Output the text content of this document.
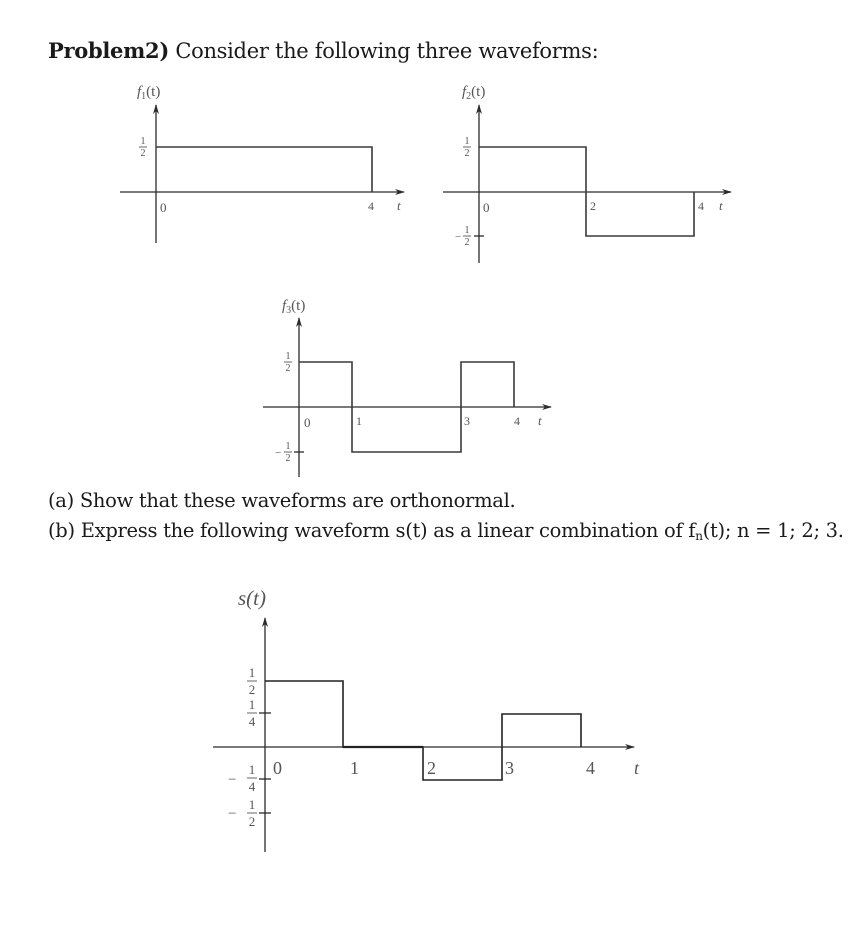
Problem2) Consider the following three waveforms:
(a) Show that these waveforms are orthonormal.
(b) Express the following waveform s(t) as a linear combination of $f_n(t)$; n = 1; 2; 3.
$f_1(t)$
1
2
0	4 t
$f_2(t)$
1
2
−
1
2
0	2	4 t
$f_3(t)$
1
2
−
1
2
0	1	3	4 t
s(t)
1
2
1
4
−
1
4
−
1
2
0	1	2	3	4 t
